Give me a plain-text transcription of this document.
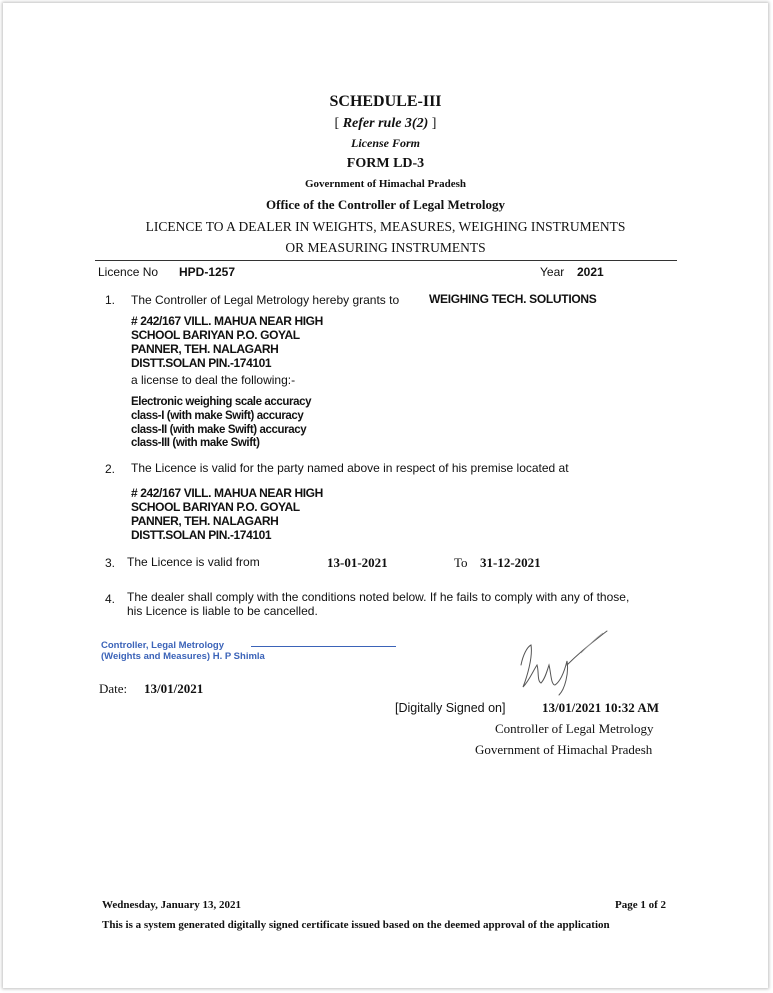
SCHEDULE-III
[ Refer rule 3(2) ]
License Form
FORM LD-3
Government of Himachal Pradesh
Office of the Controller of Legal Metrology
LICENCE TO A DEALER IN WEIGHTS, MEASURES, WEIGHING INSTRUMENTS
OR MEASURING INSTRUMENTS
Licence No HPD-1257	Year 2021
1. The Controller of Legal Metrology hereby grants to WEIGHING TECH. SOLUTIONS
# 242/167 VILL. MAHUA NEAR HIGH
SCHOOL BARIYAN P.O. GOYAL
PANNER, TEH. NALAGARH
DISTT.SOLAN PIN.-174101
a license to deal the following:-
Electronic weighing scale accuracy
class-I (with make Swift) accuracy
class-II (with make Swift) accuracy
class-III (with make Swift)
2. The Licence is valid for the party named above in respect of his premise located at
# 242/167 VILL. MAHUA NEAR HIGH
SCHOOL BARIYAN P.O. GOYAL
PANNER, TEH. NALAGARH
DISTT.SOLAN PIN.-174101
3. The Licence is valid from	13-01-2021	To 31-12-2021
4. The dealer shall comply with the conditions noted below. If he fails to comply with any of those,
his Licence is liable to be cancelled.
Controller, Legal Metrology
(Weights and Measures) H. P Shimla
Date: 13/01/2021
[Digitally Signed on]	13/01/2021 10:32 AM
Controller of Legal Metrology
Government of Himachal Pradesh
Wednesday, January 13, 2021	Page 1 of 2
This is a system generated digitally signed certificate issued based on the deemed approval of the application
